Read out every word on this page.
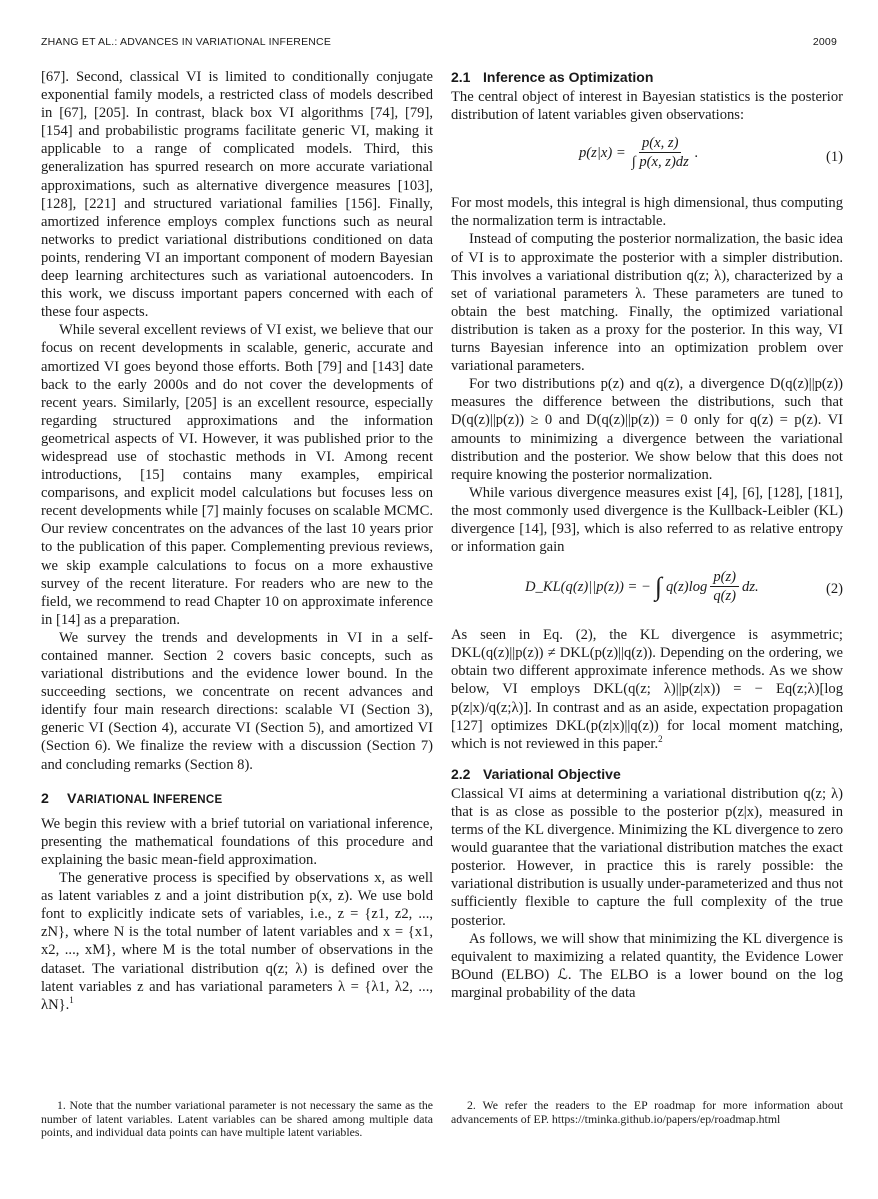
ZHANG ET AL.: ADVANCES IN VARIATIONAL INFERENCE	2009

[67]. Second, classical VI is limited to conditionally conjugate exponential family models, a restricted class of models described in [67], [205]. In contrast, black box VI algorithms [74], [79], [154] and probabilistic programs facilitate generic VI, making it applicable to a range of complicated models. Third, this generalization has spurred research on more accurate variational approximations, such as alternative divergence measures [103], [128], [221] and structured variational families [156]. Finally, amortized inference employs complex functions such as neural networks to predict variational distributions conditioned on data points, rendering VI an important component of modern Bayesian deep learning architectures such as variational autoencoders. In this work, we discuss important papers concerned with each of these four aspects.

While several excellent reviews of VI exist, we believe that our focus on recent developments in scalable, generic, accurate and amortized VI goes beyond those efforts. Both [79] and [143] date back to the early 2000s and do not cover the developments of recent years. Similarly, [205] is an excellent resource, especially regarding structured approximations and the information geometrical aspects of VI. However, it was published prior to the widespread use of stochastic methods in VI. Among recent introductions, [15] contains many examples, empirical comparisons, and explicit model calculations but focuses less on recent developments while [7] mainly focuses on scalable MCMC. Our review concentrates on the advances of the last 10 years prior to the publication of this paper. Complementing previous reviews, we skip example calculations to focus on a more exhaustive survey of the recent literature. For readers who are new to the field, we recommend to read Chapter 10 on approximate inference in [14] as a preparation.

We survey the trends and developments in VI in a self-contained manner. Section 2 covers basic concepts, such as variational distributions and the evidence lower bound. In the succeeding sections, we concentrate on recent advances and identify four main research directions: scalable VI (Section 3), generic VI (Section 4), accurate VI (Section 5), and amortized VI (Section 6). We finalize the review with a discussion (Section 7) and concluding remarks (Section 8).

2 VARIATIONAL INFERENCE

We begin this review with a brief tutorial on variational inference, presenting the mathematical foundations of this procedure and explaining the basic mean-field approximation.

The generative process is specified by observations x, as well as latent variables z and a joint distribution p(x, z). We use bold font to explicitly indicate sets of variables, i.e., z = {z1, z2, ..., zN}, where N is the total number of latent variables and x = {x1, x2, ..., xM}, where M is the total number of observations in the dataset. The variational distribution q(z; λ) is defined over the latent variables z and has variational parameters λ = {λ1, λ2, ..., λN}.$^1$

1. Note that the number variational parameter is not necessary the same as the number of latent variables. Latent variables can be shared among multiple data points, and individual data points can have multiple latent variables.

2.1 Inference as Optimization

The central object of interest in Bayesian statistics is the posterior distribution of latent variables given observations:

$p(z|x) = \frac{p(x, z)}{\int p(x, z)dz}$ .	(1)

For most models, this integral is high dimensional, thus computing the normalization term is intractable.

Instead of computing the posterior normalization, the basic idea of VI is to approximate the posterior with a simpler distribution. This involves a variational distribution q(z; λ), characterized by a set of variational parameters λ. These parameters are tuned to obtain the best matching. Finally, the optimized variational distribution is taken as a proxy for the posterior. In this way, VI turns Bayesian inference into an optimization problem over variational parameters.

For two distributions p(z) and q(z), a divergence D(q(z)||p(z)) measures the difference between the distributions, such that D(q(z)||p(z)) ≥ 0 and D(q(z)||p(z)) = 0 only for q(z) = p(z). VI amounts to minimizing a divergence between the variational distribution and the posterior. We show below that this does not require knowing the posterior normalization.

While various divergence measures exist [4], [6], [128], [181], the most commonly used divergence is the Kullback-Leibler (KL) divergence [14], [93], which is also referred to as relative entropy or information gain

D_KL(q(z)||p(z)) = − ∫ $q(z)\log \frac{p(z)}{q(z)}$ dz.	(2)

As seen in Eq. (2), the KL divergence is asymmetric; DKL(q(z)||p(z)) ≠ DKL(p(z)||q(z)). Depending on the ordering, we obtain two different approximate inference methods. As we show below, VI employs DKL(q(z; λ)||p(z|x)) = − Eq(z;λ)[log p(z|x)/q(z;λ)]. In contrast and as an aside, expectation propagation [127] optimizes DKL(p(z|x)||q(z)) for local moment matching, which is not reviewed in this paper.$^2$

2.2 Variational Objective

Classical VI aims at determining a variational distribution q(z; λ) that is as close as possible to the posterior p(z|x), measured in terms of the KL divergence. Minimizing the KL divergence to zero would guarantee that the variational distribution matches the exact posterior. However, in practice this is rarely possible: the variational distribution is usually under-parameterized and thus not sufficiently flexible to capture the full complexity of the true posterior.

As follows, we will show that minimizing the KL divergence is equivalent to maximizing a related quantity, the Evidence Lower BOund (ELBO) ℒ. The ELBO is a lower bound on the log marginal probability of the data

2. We refer the readers to the EP roadmap for more information about advancements of EP. https://tminka.github.io/papers/ep/roadmap.html
